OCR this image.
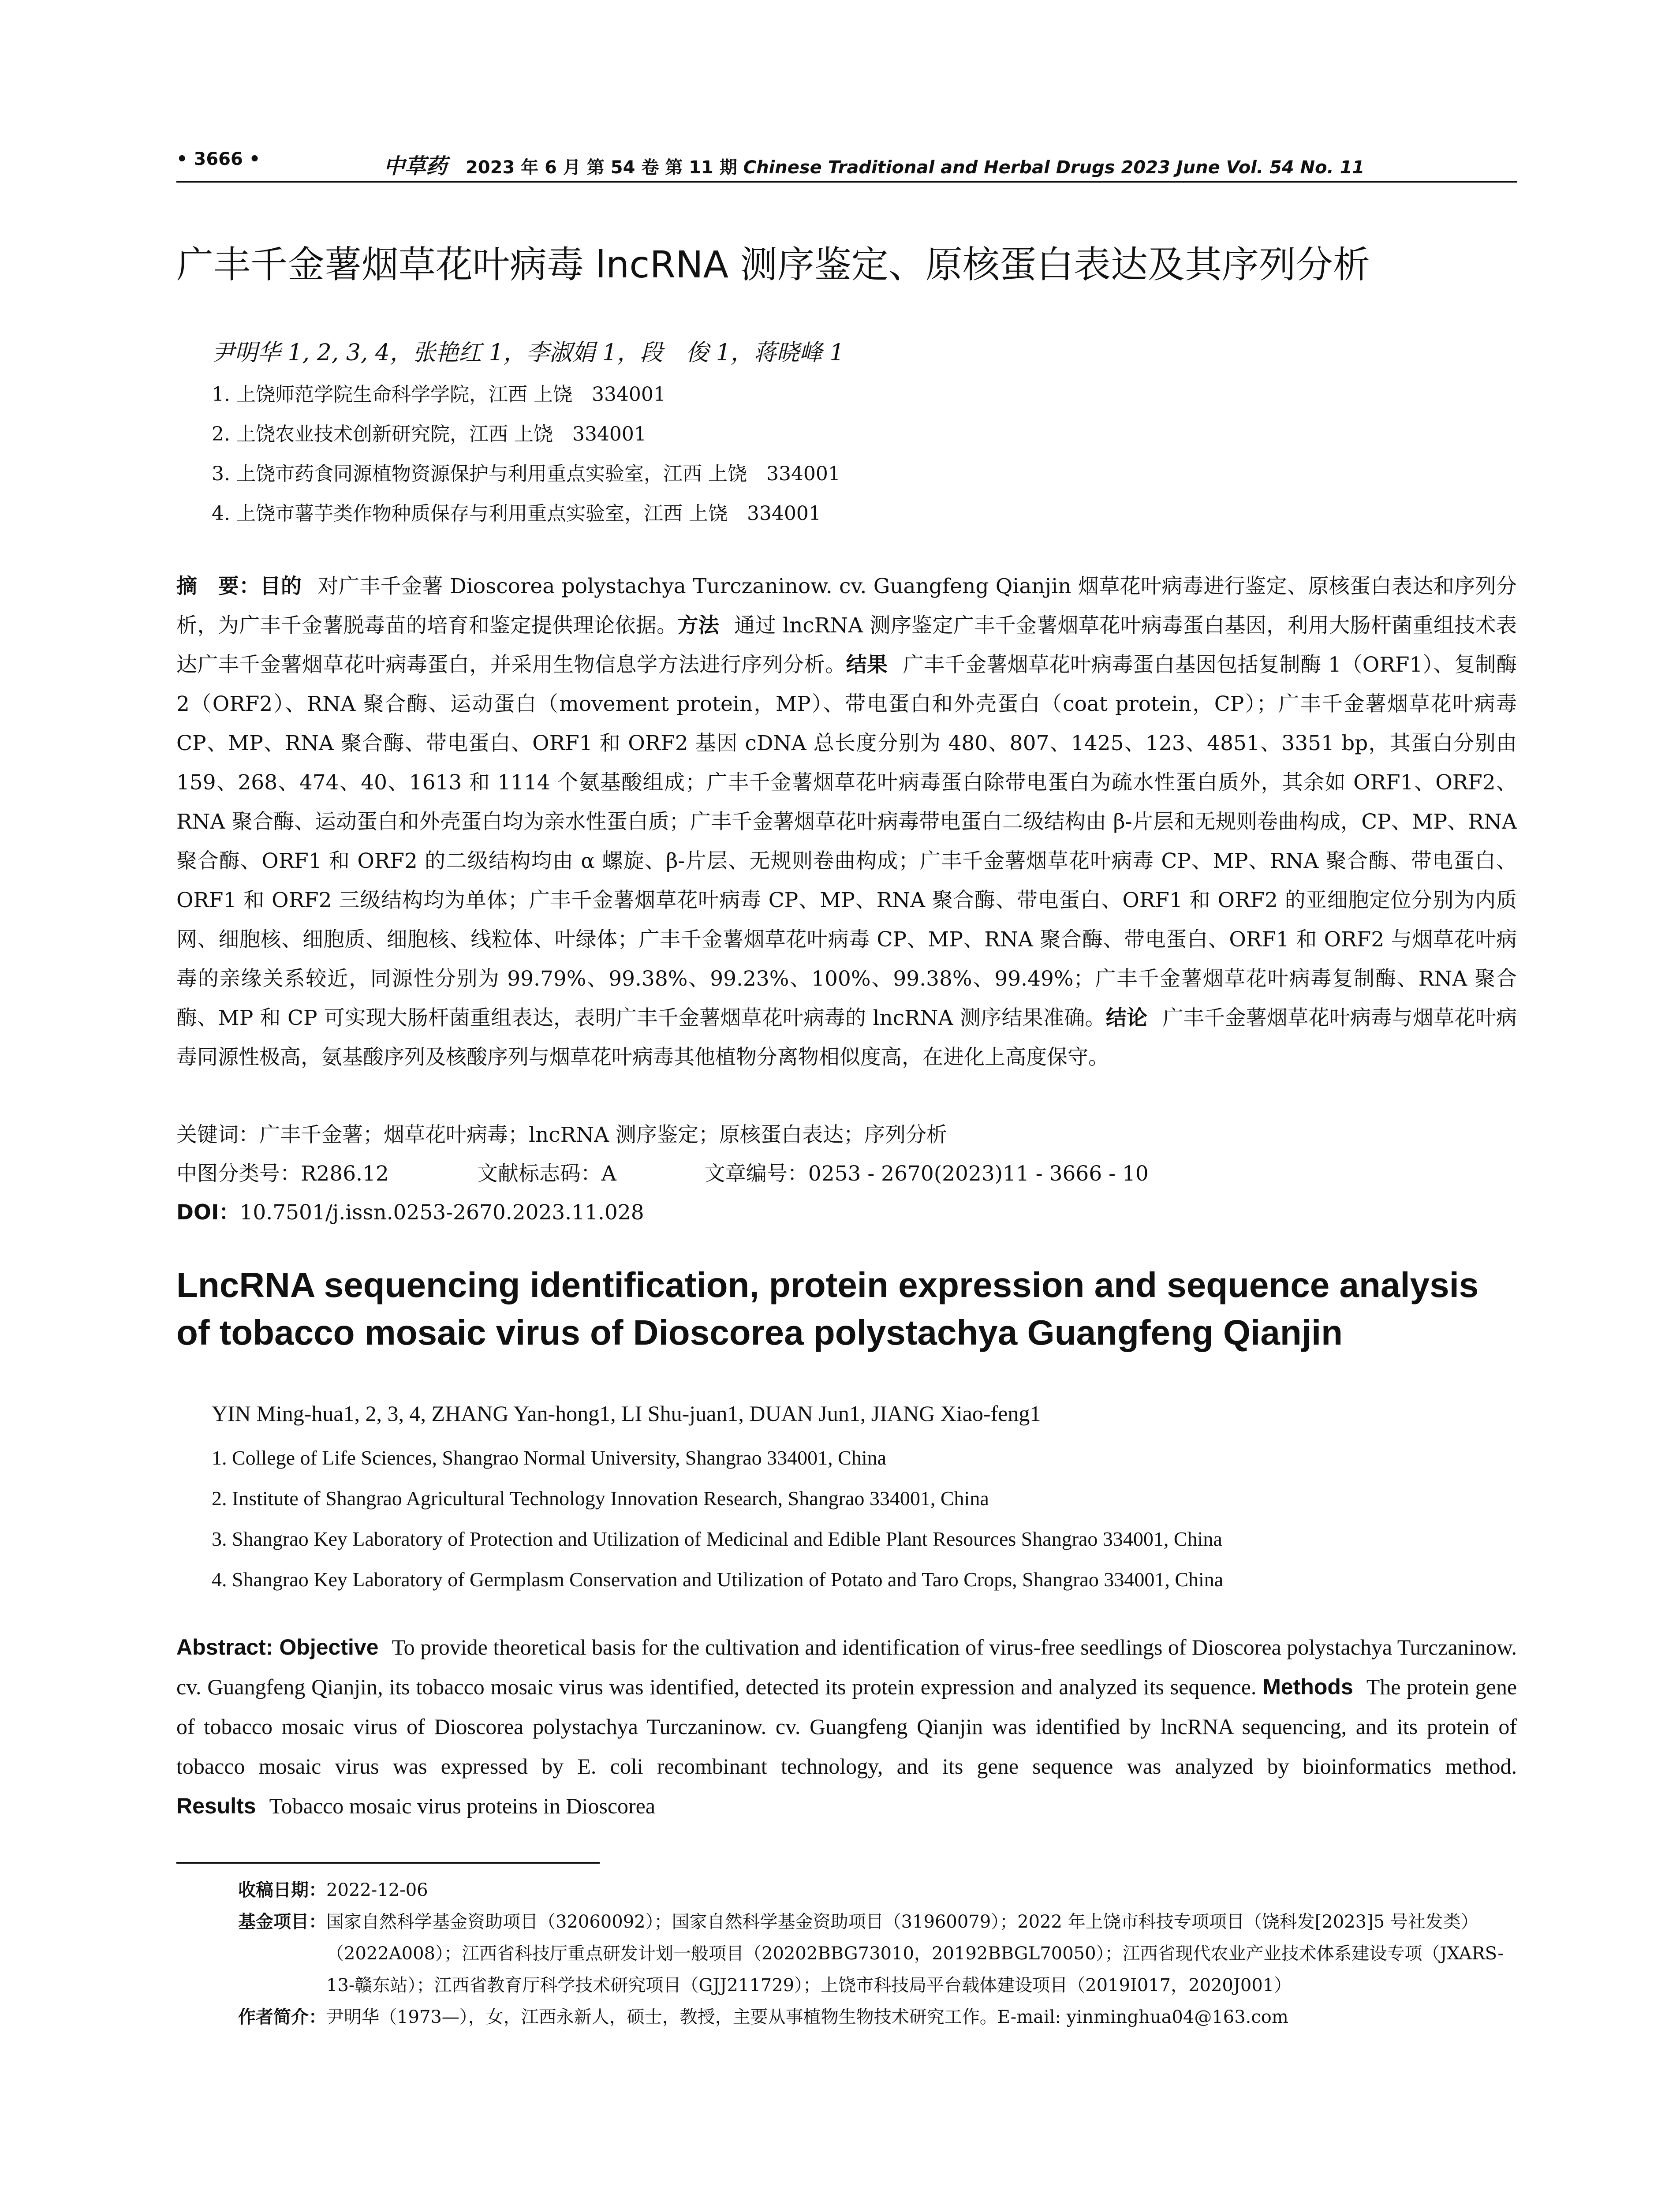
• 3666 •	中草药 2023 年 6 月 第 54 卷 第 11 期 Chinese Traditional and Herbal Drugs 2023 June Vol. 54 No. 11
广丰千金薯烟草花叶病毒 lncRNA 测序鉴定、原核蛋白表达及其序列分析
尹明华 1, 2, 3, 4，张艳红 1，李淑娟 1，段　俊 1，蒋晓峰 1
1. 上饶师范学院生命科学学院，江西 上饶　334001
2. 上饶农业技术创新研究院，江西 上饶　334001
3. 上饶市药食同源植物资源保护与利用重点实验室，江西 上饶　334001
4. 上饶市薯芋类作物种质保存与利用重点实验室，江西 上饶　334001
摘　要：目的 对广丰千金薯 Dioscorea polystachya Turczaninow. cv. Guangfeng Qianjin 烟草花叶病毒进行鉴定、原核蛋白表达和序列分析，为广丰千金薯脱毒苗的培育和鉴定提供理论依据。方法 通过 lncRNA 测序鉴定广丰千金薯烟草花叶病毒蛋白基因，利用大肠杆菌重组技术表达广丰千金薯烟草花叶病毒蛋白，并采用生物信息学方法进行序列分析。结果 广丰千金薯烟草花叶病毒蛋白基因包括复制酶 1（ORF1）、复制酶 2（ORF2）、RNA 聚合酶、运动蛋白（movement protein，MP）、带电蛋白和外壳蛋白（coat protein，CP）；广丰千金薯烟草花叶病毒 CP、MP、RNA 聚合酶、带电蛋白、ORF1 和 ORF2 基因 cDNA 总长度分别为 480、807、1425、123、4851、3351 bp，其蛋白分别由 159、268、474、40、1613 和 1114 个氨基酸组成；广丰千金薯烟草花叶病毒蛋白除带电蛋白为疏水性蛋白质外，其余如 ORF1、ORF2、RNA 聚合酶、运动蛋白和外壳蛋白均为亲水性蛋白质；广丰千金薯烟草花叶病毒带电蛋白二级结构由 β-片层和无规则卷曲构成，CP、MP、RNA 聚合酶、ORF1 和 ORF2 的二级结构均由 α 螺旋、β-片层、无规则卷曲构成；广丰千金薯烟草花叶病毒 CP、MP、RNA 聚合酶、带电蛋白、ORF1 和 ORF2 三级结构均为单体；广丰千金薯烟草花叶病毒 CP、MP、RNA 聚合酶、带电蛋白、ORF1 和 ORF2 的亚细胞定位分别为内质网、细胞核、细胞质、细胞核、线粒体、叶绿体；广丰千金薯烟草花叶病毒 CP、MP、RNA 聚合酶、带电蛋白、ORF1 和 ORF2 与烟草花叶病毒的亲缘关系较近，同源性分别为 99.79%、99.38%、99.23%、100%、99.38%、99.49%；广丰千金薯烟草花叶病毒复制酶、RNA 聚合酶、MP 和 CP 可实现大肠杆菌重组表达，表明广丰千金薯烟草花叶病毒的 lncRNA 测序结果准确。结论 广丰千金薯烟草花叶病毒与烟草花叶病毒同源性极高，氨基酸序列及核酸序列与烟草花叶病毒其他植物分离物相似度高，在进化上高度保守。
关键词：广丰千金薯；烟草花叶病毒；lncRNA 测序鉴定；原核蛋白表达；序列分析
中图分类号：R286.12	文献标志码：A	文章编号：0253 - 2670(2023)11 - 3666 - 10
DOI：10.7501/j.issn.0253-2670.2023.11.028
LncRNA sequencing identification, protein expression and sequence analysis of tobacco mosaic virus of Dioscorea polystachya Guangfeng Qianjin
YIN Ming-hua1, 2, 3, 4, ZHANG Yan-hong1, LI Shu-juan1, DUAN Jun1, JIANG Xiao-feng1
1. College of Life Sciences, Shangrao Normal University, Shangrao 334001, China
2. Institute of Shangrao Agricultural Technology Innovation Research, Shangrao 334001, China
3. Shangrao Key Laboratory of Protection and Utilization of Medicinal and Edible Plant Resources Shangrao 334001, China
4. Shangrao Key Laboratory of Germplasm Conservation and Utilization of Potato and Taro Crops, Shangrao 334001, China
Abstract: Objective To provide theoretical basis for the cultivation and identification of virus-free seedlings of Dioscorea polystachya Turczaninow. cv. Guangfeng Qianjin, its tobacco mosaic virus was identified, detected its protein expression and analyzed its sequence. Methods The protein gene of tobacco mosaic virus of Dioscorea polystachya Turczaninow. cv. Guangfeng Qianjin was identified by lncRNA sequencing, and its protein of tobacco mosaic virus was expressed by E. coli recombinant technology, and its gene sequence was analyzed by bioinformatics method. Results Tobacco mosaic virus proteins in Dioscorea
收稿日期： 2022-12-06
基金项目： 国家自然科学基金资助项目（32060092）；国家自然科学基金资助项目（31960079）；2022 年上饶市科技专项项目（饶科发[2023]5 号社发类）（2022A008）；江西省科技厅重点研发计划一般项目（20202BBG73010，20192BBGL70050）；江西省现代农业产业技术体系建设专项（JXARS-13-赣东站）；江西省教育厅科学技术研究项目（GJJ211729）；上饶市科技局平台载体建设项目（2019I017，2020J001）
作者简介： 尹明华（1973—），女，江西永新人，硕士，教授，主要从事植物生物技术研究工作。E-mail: yinminghua04@163.com
